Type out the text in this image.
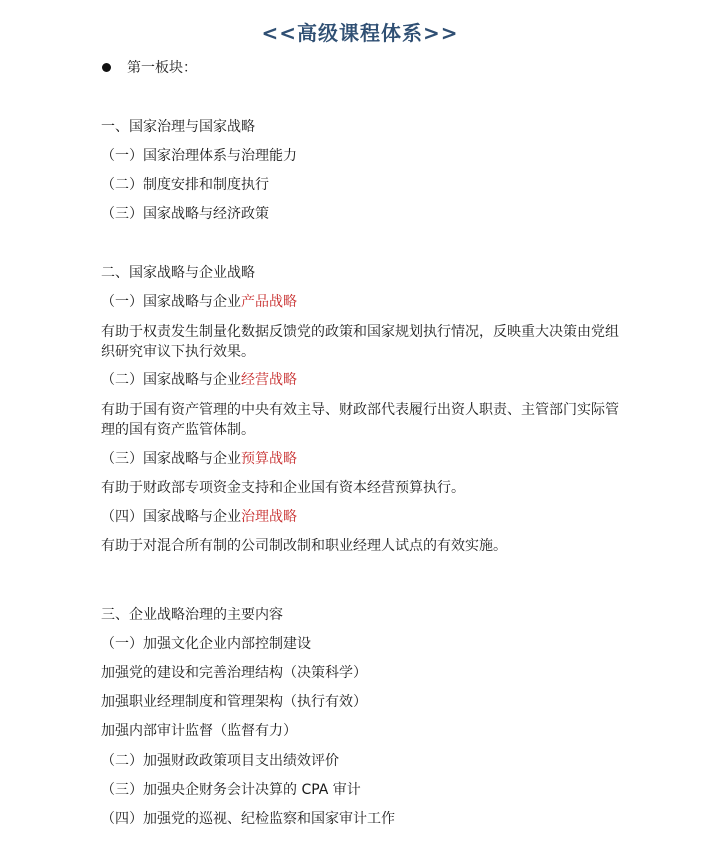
<<高级课程体系>>
第一板块：
一、国家治理与国家战略
（一）国家治理体系与治理能力
（二）制度安排和制度执行
（三）国家战略与经济政策
二、国家战略与企业战略
（一）国家战略与企业产品战略
有助于权责发生制量化数据反馈党的政策和国家规划执行情况，反映重大决策由党组织研究审议下执行效果。
（二）国家战略与企业经营战略
有助于国有资产管理的中央有效主导、财政部代表履行出资人职责、主管部门实际管理的国有资产监管体制。
（三）国家战略与企业预算战略
有助于财政部专项资金支持和企业国有资本经营预算执行。
（四）国家战略与企业治理战略
有助于对混合所有制的公司制改制和职业经理人试点的有效实施。
三、企业战略治理的主要内容
（一）加强文化企业内部控制建设
加强党的建设和完善治理结构（决策科学）
加强职业经理制度和管理架构（执行有效）
加强内部审计监督（监督有力）
（二）加强财政政策项目支出绩效评价
（三）加强央企财务会计决算的 CPA 审计
（四）加强党的巡视、纪检监察和国家审计工作
